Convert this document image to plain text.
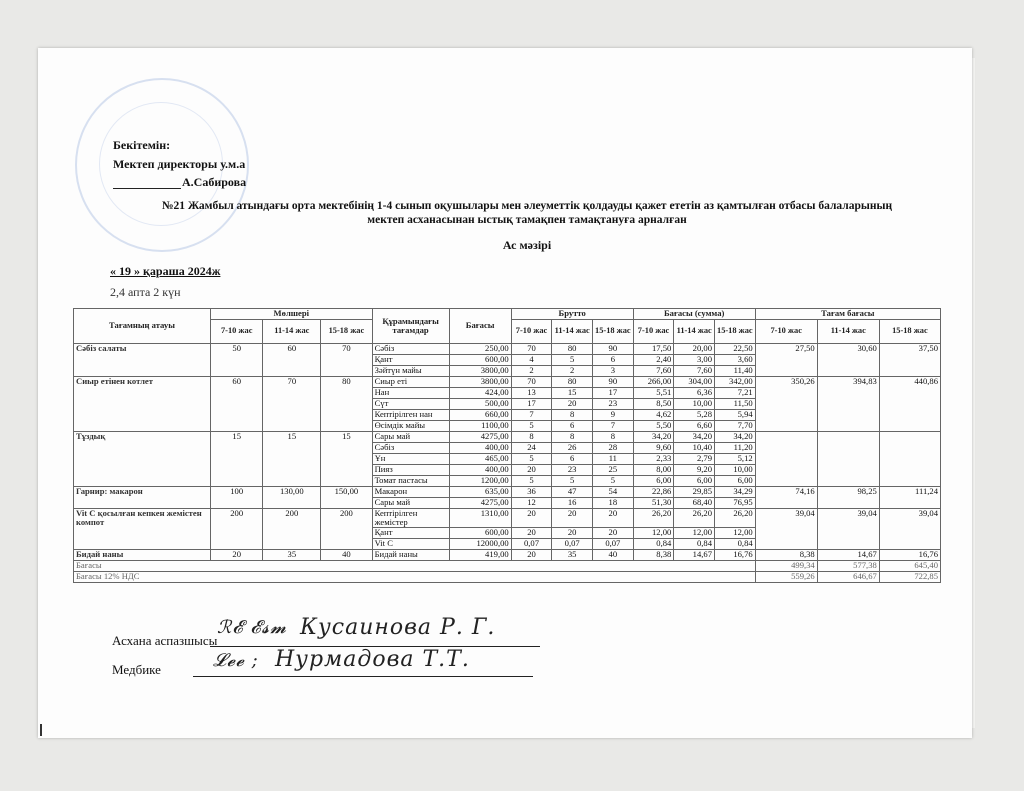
Бекітемін:
Мектеп директоры у.м.а
А.Сабирова
№21 Жамбыл атындағы орта мектебінің 1-4 сынып оқушылары мен әлеуметтік қолдауды қажет ететін аз қамтылған отбасы балаларының
мектеп асханасынан ыстық тамақпен тамақтануға арналған
Ас мәзірі
« 19 » қараша 2024ж
2,4 апта 2 күн
Тағамның атауы	Мөлшері			Құрамындағы тағамдар	Бағасы	Брутто			Бағасы (сумма)			Тағам бағасы		
	7-10 жас	11-14 жас	15-18 жас			7-10 жас	11-14 жас	15-18 жас	7-10 жас	11-14 жас	15-18 жас	7-10 жас	11-14 жас	15-18 жас
Сәбіз салаты	50	60	70	Сәбіз	250,00	70	80	90	17,50	20,00	22,50	27,50	30,60	37,50
				Қант	600,00	4	5	6	2,40	3,00	3,60			
				Зәйтүн майы	3800,00	2	2	3	7,60	7,60	11,40			
Сиыр етінен котлет	60	70	80	Сиыр еті	3800,00	70	80	90	266,00	304,00	342,00	350,26	394,83	440,86
				Нан	424,00	13	15	17	5,51	6,36	7,21			
				Сүт	500,00	17	20	23	8,50	10,00	11,50			
				Кептірілген нан	660,00	7	8	9	4,62	5,28	5,94			
				Өсімдік майы	1100,00	5	6	7	5,50	6,60	7,70			
Тұздық	15	15	15	Сары май	4275,00	8	8	8	34,20	34,20	34,20			
				Сәбіз	400,00	24	26	28	9,60	10,40	11,20			
				Ұн	465,00	5	6	11	2,33	2,79	5,12			
				Пияз	400,00	20	23	25	8,00	9,20	10,00			
				Томат пастасы	1200,00	5	5	5	6,00	6,00	6,00			
Гарнир: макарон	100	130,00	150,00	Макарон	635,00	36	47	54	22,86	29,85	34,29	74,16	98,25	111,24
				Сары май	4275,00	12	16	18	51,30	68,40	76,95			
Vit C қосылған кепкен жемістен компот	200	200	200	Кептірілген жемістер	1310,00	20	20	20	26,20	26,20	26,20	39,04	39,04	39,04
				Қант	600,00	20	20	20	12,00	12,00	12,00			
				Vit C	12000,00	0,07	0,07	0,07	0,84	0,84	0,84			
Бидай наны	20	35	40	Бидай наны	419,00	20	35	40	8,38	14,67	16,76	8,38	14,67	16,76
Бағасы												499,34	577,38	645,40
Бағасы 12% НДС												559,26	646,67	722,85
Асхана аспазшысы
ℛ𝓔 𝓔𝓼𝓶 Кусаинова Р. Г.
Медбике	𝓛𝓮𝓮 ; Нурмадова Т.Т.
